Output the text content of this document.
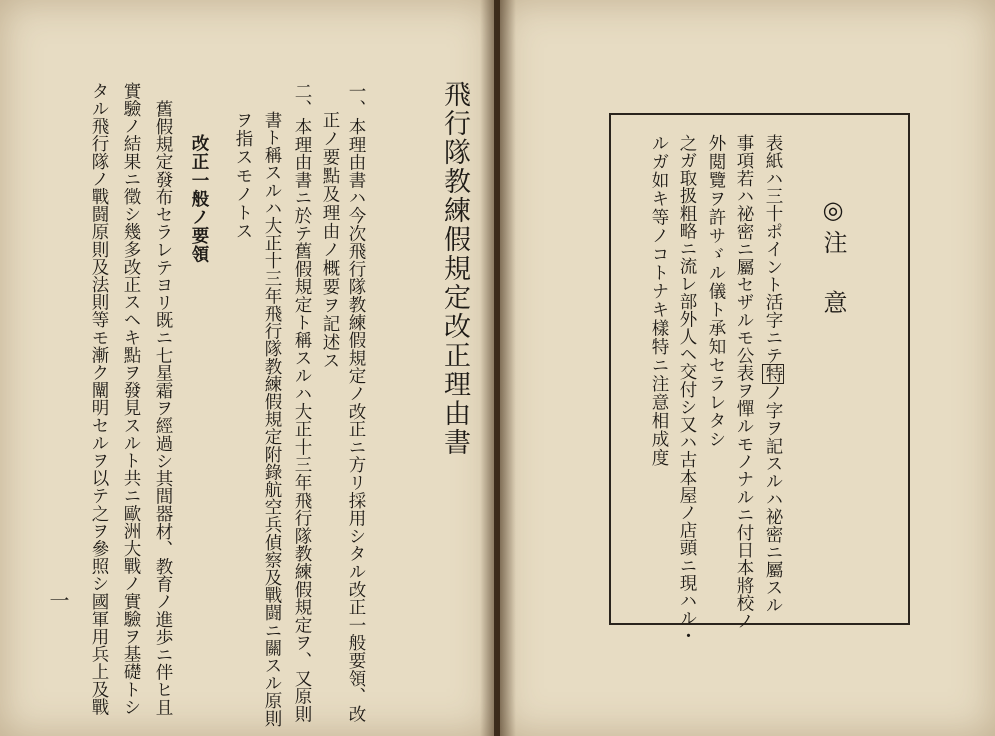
飛行隊教練假規定改正理由書
一、本理由書ハ今次飛行隊教練假規定ノ改正ニ方リ採用シタル改正一般要領、改
正ノ要點及理由ノ概要ヲ記述ス
二、本理由書ニ於テ舊假規定ト稱スルハ大正十三年飛行隊教練假規定ヲ、又原則
書ト稱スルハ大正十三年飛行隊教練假規定附錄航空兵偵察及戰闘ニ關スル原則
ヲ指スモノトス
改正一般ノ要領
舊假規定發布セラレテヨリ既ニ七星霜ヲ經過シ其間器材、教育ノ進歩ニ伴ヒ且
實驗ノ結果ニ徵シ幾多改正スヘキ點ヲ發見スルト共ニ歐洲大戰ノ實驗ヲ基礎トシ
タル飛行隊ノ戰闘原則及法則等モ漸ク闡明セルヲ以テ之ヲ參照シ國軍用兵上及戰
一
◎注　意
表紙ハ三十ポイント活字ニテ特ノ字ヲ記スルハ祕密ニ屬スル
事項若ハ祕密ニ屬セザルモ公表ヲ憚ルモノナルニ付日本將校ノ
外閲覽ヲ許サゞル儀ト承知セラレタシ
之ガ取扱粗略ニ流レ部外人ヘ交付シ又ハ古本屋ノ店頭ニ現ハル・
ルガ如キ等ノコトナキ樣特ニ注意相成度
